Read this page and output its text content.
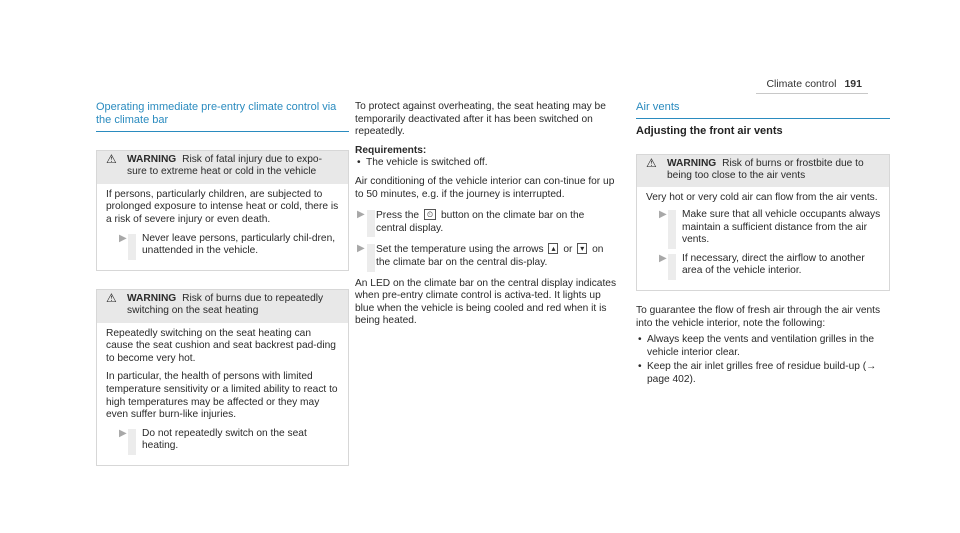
Climate control 191
Operating immediate pre-entry climate control via the climate bar
⚠ WARNING Risk of fatal injury due to expo-sure to extreme heat or cold in the vehicle

If persons, particularly children, are subjected to prolonged exposure to intense heat or cold, there is a risk of severe injury or even death.

▶ Never leave persons, particularly chil-dren, unattended in the vehicle.
⚠ WARNING Risk of burns due to repeatedly switching on the seat heating

Repeatedly switching on the seat heating can cause the seat cushion and seat backrest pad-ding to become very hot.

In particular, the health of persons with limited temperature sensitivity or a limited ability to react to high temperatures may be affected or they may even suffer burn-like injuries.

▶ Do not repeatedly switch on the seat heating.

To protect against overheating, the seat heating may be temporarily deactivated after it has been switched on repeatedly.

Requirements:
• The vehicle is switched off.

Air conditioning of the vehicle interior can con-tinue for up to 50 minutes, e.g. if the journey is interrupted.

▶ Press the ⏲ button on the climate bar on the central display.
▶ Set the temperature using the arrows ▴ or ▾ on the climate bar on the central dis-play.

An LED on the climate bar on the central display indicates when pre-entry climate control is activa-ted. It lights up blue when the vehicle is being cooled and red when it is being heated.

Air vents
Adjusting the front air vents
⚠ WARNING Risk of burns or frostbite due to being too close to the air vents

Very hot or very cold air can flow from the air vents.

▶ Make sure that all vehicle occupants always maintain a sufficient distance from the air vents.
▶ If necessary, direct the airflow to another area of the vehicle interior.

To guarantee the flow of fresh air through the air vents into the vehicle interior, note the following:

• Always keep the vents and ventilation grilles in the vehicle interior clear.
• Keep the air inlet grilles free of residue build-up (→ page 402).
